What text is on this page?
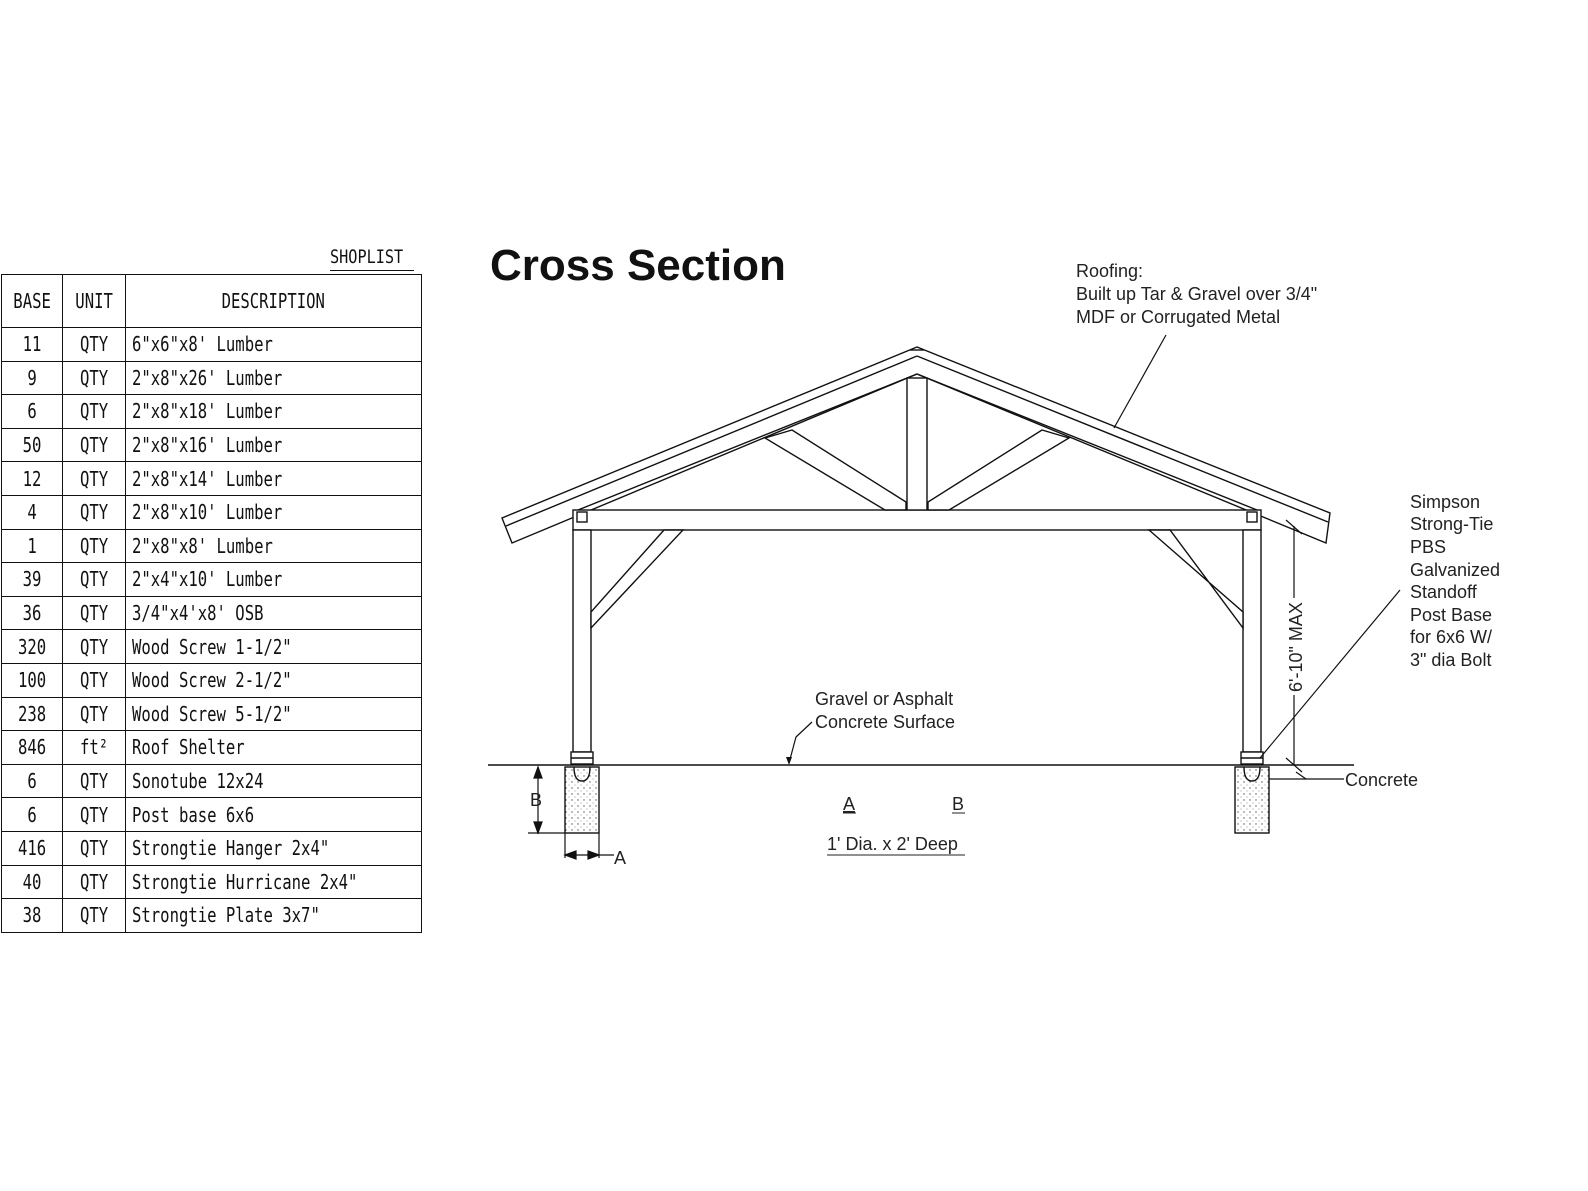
SHOPLIST
BASE	UNIT	DESCRIPTION
11	QTY	6"x6"x8' Lumber
9	QTY	2"x8"x26' Lumber
6	QTY	2"x8"x18' Lumber
50	QTY	2"x8"x16' Lumber
12	QTY	2"x8"x14' Lumber
4	QTY	2"x8"x10' Lumber
1	QTY	2"x8"x8' Lumber
39	QTY	2"x4"x10' Lumber
36	QTY	3/4"x4'x8' OSB
320	QTY	Wood Screw 1-1/2"
100	QTY	Wood Screw 2-1/2"
238	QTY	Wood Screw 5-1/2"
846	ft²	Roof Shelter
6	QTY	Sonotube 12x24
6	QTY	Post base 6x6
416	QTY	Strongtie Hanger 2x4"
40	QTY	Strongtie Hurricane 2x4"
38	QTY	Strongtie Plate 3x7"
Cross Section
B
A
A	B
1' Dia. x 2' Deep
Roofing:
Built up Tar & Gravel over 3/4"
MDF or Corrugated Metal
Simpson
Strong-Tie
PBS
Galvanized
Standoff
Post Base
for 6x6 W/
3" dia Bolt
6'-10" MAX
Concrete
Gravel or Asphalt
Concrete Surface
